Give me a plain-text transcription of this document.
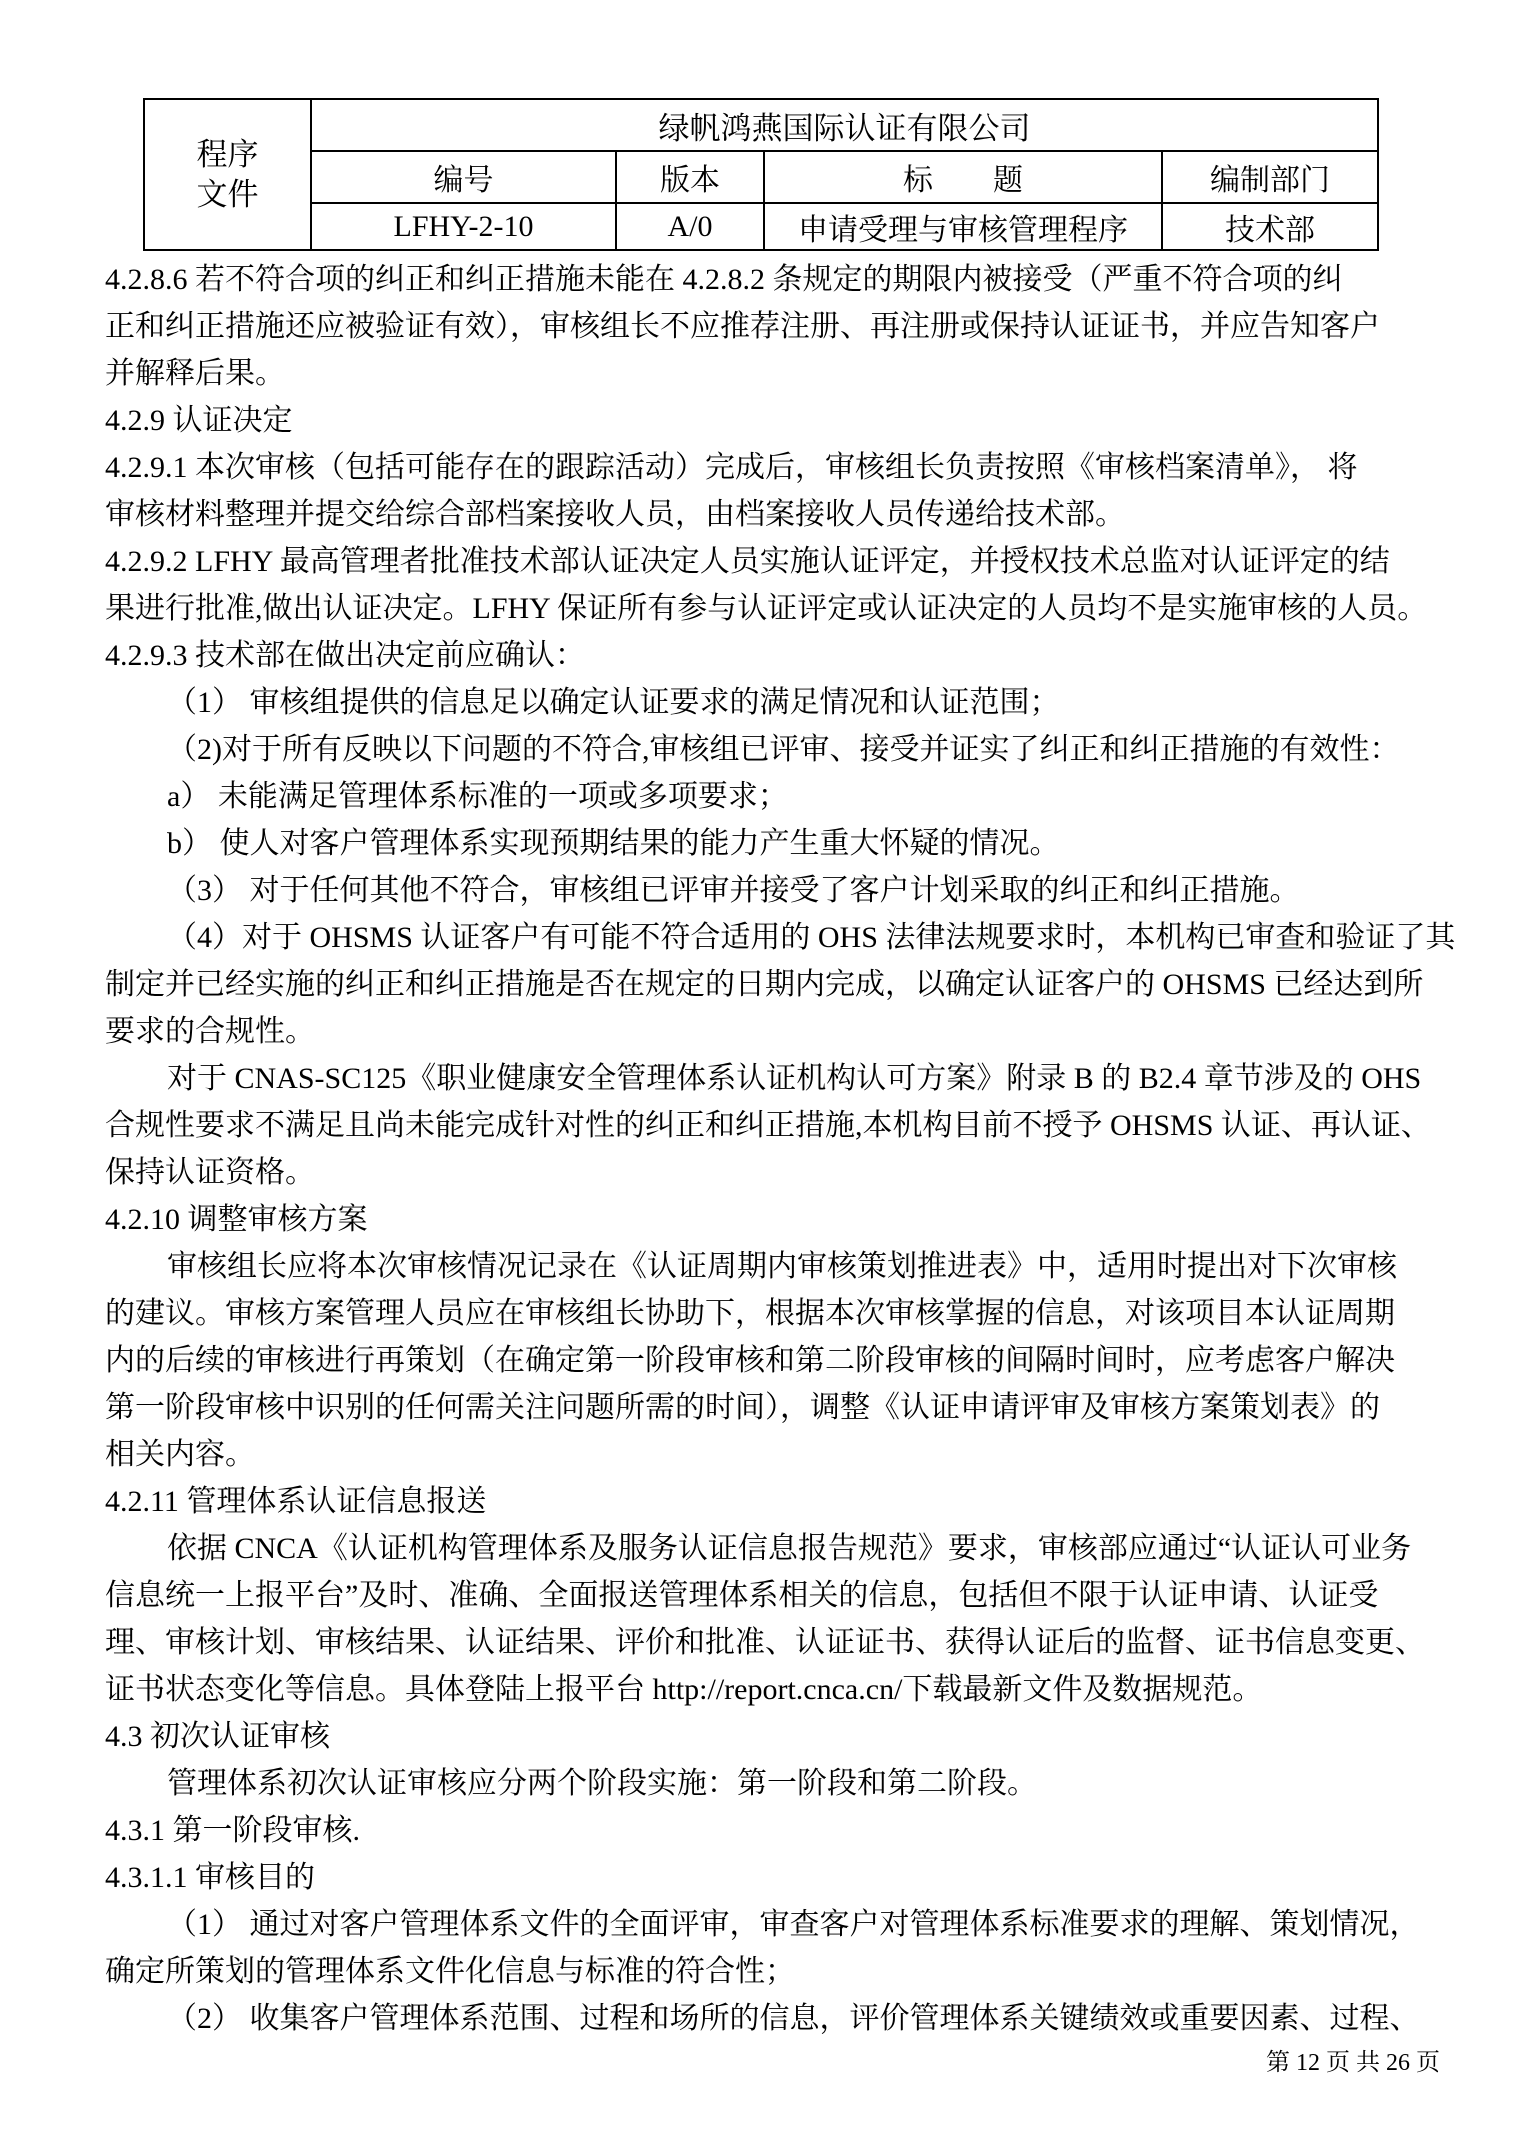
程序
文件	绿帆鸿燕国际认证有限公司			
	编号	版本	标　　题	编制部门
	LFHY-2-10	A/0	申请受理与审核管理程序	技术部
4.2.8.6 若不符合项的纠正和纠正措施未能在 4.2.8.2 条规定的期限内被接受（严重不符合项的纠
正和纠正措施还应被验证有效），审核组长不应推荐注册、再注册或保持认证证书，并应告知客户
并解释后果。
4.2.9 认证决定
4.2.9.1 本次审核（包括可能存在的跟踪活动）完成后，审核组长负责按照《审核档案清单》， 将
审核材料整理并提交给综合部档案接收人员，由档案接收人员传递给技术部。
4.2.9.2 LFHY 最高管理者批准技术部认证决定人员实施认证评定，并授权技术总监对认证评定的结
果进行批准,做出认证决定。LFHY 保证所有参与认证评定或认证决定的人员均不是实施审核的人员。
4.2.9.3 技术部在做出决定前应确认：
（1） 审核组提供的信息足以确定认证要求的满足情况和认证范围；
（2)对于所有反映以下问题的不符合,审核组已评审、接受并证实了纠正和纠正措施的有效性：
a） 未能满足管理体系标准的一项或多项要求；
b） 使人对客户管理体系实现预期结果的能力产生重大怀疑的情况。
（3） 对于任何其他不符合，审核组已评审并接受了客户计划采取的纠正和纠正措施。
（4）对于 OHSMS 认证客户有可能不符合适用的 OHS 法律法规要求时，本机构已审查和验证了其
制定并已经实施的纠正和纠正措施是否在规定的日期内完成，以确定认证客户的 OHSMS 已经达到所
要求的合规性。
对于 CNAS-SC125《职业健康安全管理体系认证机构认可方案》附录 B 的 B2.4 章节涉及的 OHS
合规性要求不满足且尚未能完成针对性的纠正和纠正措施,本机构目前不授予 OHSMS 认证、再认证、
保持认证资格。
4.2.10 调整审核方案
审核组长应将本次审核情况记录在《认证周期内审核策划推进表》中，适用时提出对下次审核
的建议。审核方案管理人员应在审核组长协助下，根据本次审核掌握的信息，对该项目本认证周期
内的后续的审核进行再策划（在确定第一阶段审核和第二阶段审核的间隔时间时，应考虑客户解决
第一阶段审核中识别的任何需关注问题所需的时间），调整《认证申请评审及审核方案策划表》的
相关内容。
4.2.11 管理体系认证信息报送
依据 CNCA《认证机构管理体系及服务认证信息报告规范》要求，审核部应通过“认证认可业务
信息统一上报平台”及时、准确、全面报送管理体系相关的信息，包括但不限于认证申请、认证受
理、审核计划、审核结果、认证结果、评价和批准、认证证书、获得认证后的监督、证书信息变更、
证书状态变化等信息。具体登陆上报平台 http://report.cnca.cn/下载最新文件及数据规范。
4.3 初次认证审核
管理体系初次认证审核应分两个阶段实施：第一阶段和第二阶段。
4.3.1 第一阶段审核.
4.3.1.1 审核目的
（1） 通过对客户管理体系文件的全面评审，审查客户对管理体系标准要求的理解、策划情况，
确定所策划的管理体系文件化信息与标准的符合性；
（2） 收集客户管理体系范围、过程和场所的信息，评价管理体系关键绩效或重要因素、过程、
第 12 页 共 26 页
